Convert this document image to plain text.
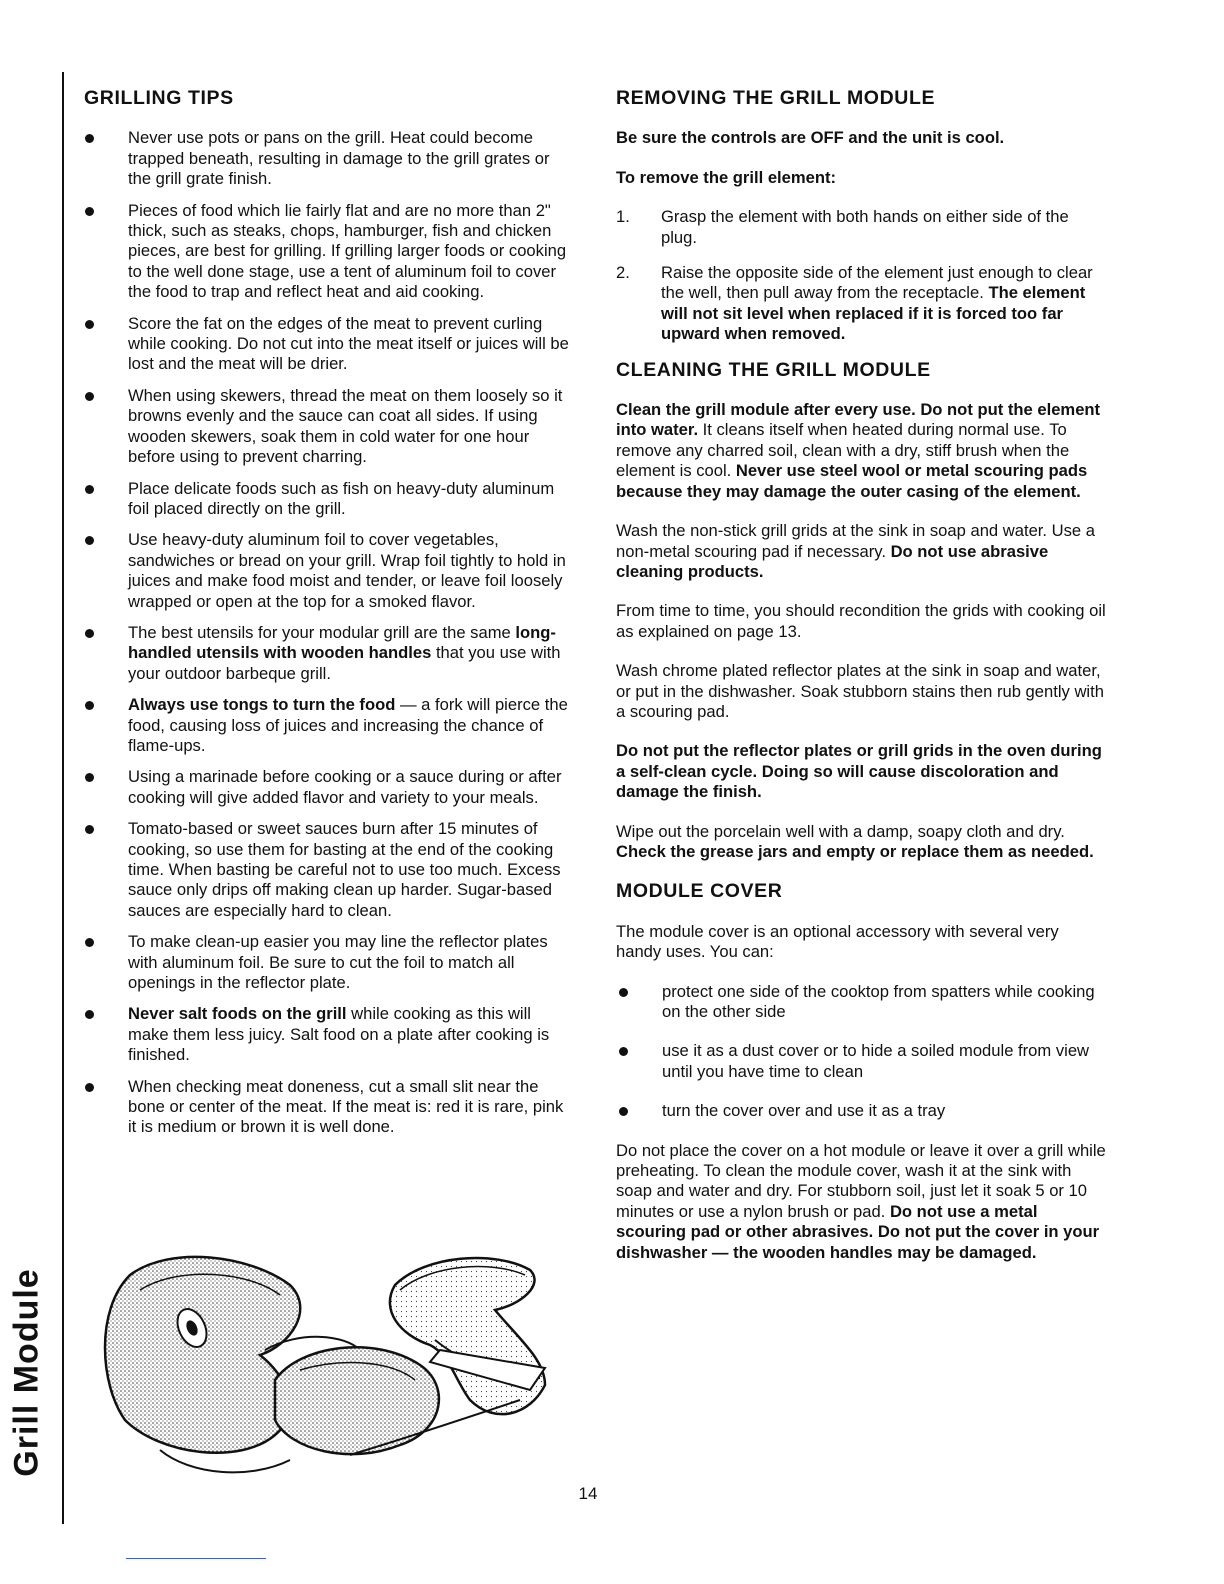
Grill Module
GRILLING TIPS
Never use pots or pans on the grill. Heat could become trapped beneath, resulting in damage to the grill grates or the grill grate finish.
Pieces of food which lie fairly flat and are no more than 2" thick, such as steaks, chops, hamburger, fish and chicken pieces, are best for grilling. If grilling larger foods or cooking to the well done stage, use a tent of aluminum foil to cover the food to trap and reflect heat and aid cooking.
Score the fat on the edges of the meat to prevent curling while cooking. Do not cut into the meat itself or juices will be lost and the meat will be drier.
When using skewers, thread the meat on them loosely so it browns evenly and the sauce can coat all sides. If using wooden skewers, soak them in cold water for one hour before using to prevent charring.
Place delicate foods such as fish on heavy-duty aluminum foil placed directly on the grill.
Use heavy-duty aluminum foil to cover vegetables, sandwiches or bread on your grill. Wrap foil tightly to hold in juices and make food moist and tender, or leave foil loosely wrapped or open at the top for a smoked flavor.
The best utensils for your modular grill are the same long-handled utensils with wooden handles that you use with your outdoor barbeque grill.
Always use tongs to turn the food — a fork will pierce the food, causing loss of juices and increasing the chance of flame-ups.
Using a marinade before cooking or a sauce during or after cooking will give added flavor and variety to your meals.
Tomato-based or sweet sauces burn after 15 minutes of cooking, so use them for basting at the end of the cooking time. When basting be careful not to use too much. Excess sauce only drips off making clean up harder. Sugar-based sauces are especially hard to clean.
To make clean-up easier you may line the reflector plates with aluminum foil. Be sure to cut the foil to match all openings in the reflector plate.
Never salt foods on the grill while cooking as this will make them less juicy. Salt food on a plate after cooking is finished.
When checking meat doneness, cut a small slit near the bone or center of the meat. If the meat is: red it is rare, pink it is medium or brown it is well done.
REMOVING THE GRILL MODULE

Be sure the controls are OFF and the unit is cool.

To remove the grill element:

1. Grasp the element with both hands on either side of the plug.
2. Raise the opposite side of the element just enough to clear the well, then pull away from the receptacle. The element will not sit level when replaced if it is forced too far upward when removed.
CLEANING THE GRILL MODULE

Clean the grill module after every use. Do not put the element into water. It cleans itself when heated during normal use. To remove any charred soil, clean with a dry, stiff brush when the element is cool. Never use steel wool or metal scouring pads because they may damage the outer casing of the element.

Wash the non-stick grill grids at the sink in soap and water. Use a non-metal scouring pad if necessary. Do not use abrasive cleaning products.

From time to time, you should recondition the grids with cooking oil as explained on page 13.

Wash chrome plated reflector plates at the sink in soap and water, or put in the dishwasher. Soak stubborn stains then rub gently with a scouring pad.

Do not put the reflector plates or grill grids in the oven during a self-clean cycle. Doing so will cause discoloration and damage the finish.

Wipe out the porcelain well with a damp, soapy cloth and dry. Check the grease jars and empty or replace them as needed.

MODULE COVER

The module cover is an optional accessory with several very handy uses. You can:

protect one side of the cooktop from spatters while cooking on the other side
use it as a dust cover or to hide a soiled module from view until you have time to clean
turn the cover over and use it as a tray

Do not place the cover on a hot module or leave it over a grill while preheating. To clean the module cover, wash it at the sink with soap and water and dry. For stubborn soil, just let it soak 5 or 10 minutes or use a nylon brush or pad. Do not use a metal scouring pad or other abrasives. Do not put the cover in your dishwasher — the wooden handles may be damaged.

14
